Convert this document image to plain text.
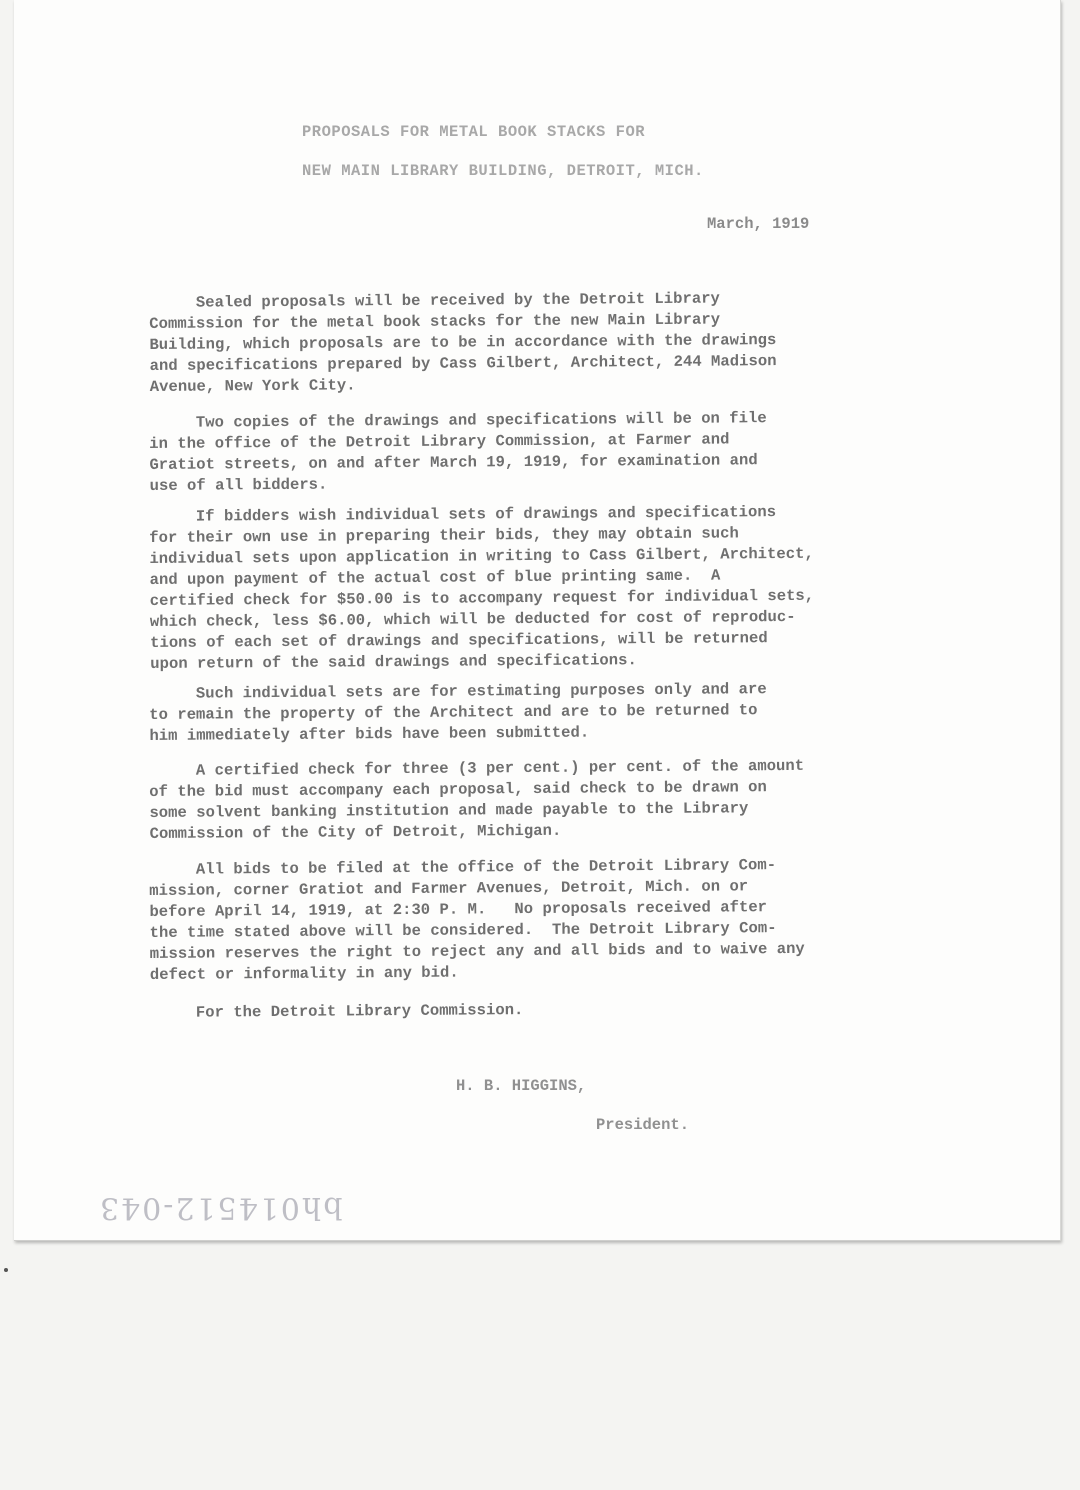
PROPOSALS FOR METAL BOOK STACKS FOR
NEW MAIN LIBRARY BUILDING, DETROIT, MICH.
March, 1919
Sealed proposals will be received by the Detroit Library
Commission for the metal book stacks for the new Main Library
Building, which proposals are to be in accordance with the drawings
and specifications prepared by Cass Gilbert, Architect, 244 Madison
Avenue, New York City.
Two copies of the drawings and specifications will be on file
in the office of the Detroit Library Commission, at Farmer and
Gratiot streets, on and after March 19, 1919, for examination and
use of all bidders.
If bidders wish individual sets of drawings and specifications
for their own use in preparing their bids, they may obtain such
individual sets upon application in writing to Cass Gilbert, Architect,
and upon payment of the actual cost of blue printing same.  A
certified check for $50.00 is to accompany request for individual sets,
which check, less $6.00, which will be deducted for cost of reproduc-
tions of each set of drawings and specifications, will be returned
upon return of the said drawings and specifications.
Such individual sets are for estimating purposes only and are
to remain the property of the Architect and are to be returned to
him immediately after bids have been submitted.
A certified check for three (3 per cent.) per cent. of the amount
of the bid must accompany each proposal, said check to be drawn on
some solvent banking institution and made payable to the Library
Commission of the City of Detroit, Michigan.
All bids to be filed at the office of the Detroit Library Com-
mission, corner Gratiot and Farmer Avenues, Detroit, Mich. on or
before April 14, 1919, at 2:30 P. M.   No proposals received after
the time stated above will be considered.  The Detroit Library Com-
mission reserves the right to reject any and all bids and to waive any
defect or informality in any bid.
For the Detroit Library Commission.
H. B. HIGGINS,
President.
bh014512-043
